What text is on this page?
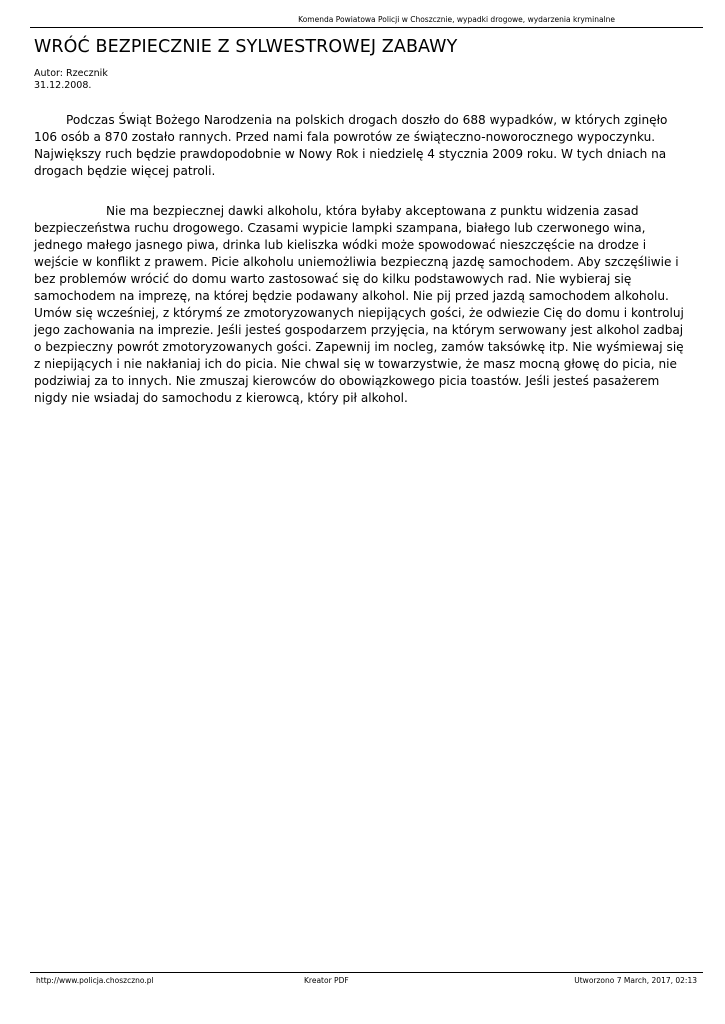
Komenda Powiatowa Policji w Choszcznie, wypadki drogowe, wydarzenia kryminalne
WRÓĆ BEZPIECZNIE Z SYLWESTROWEJ ZABAWY
Autor: Rzecznik
31.12.2008.

Podczas Świąt Bożego Narodzenia na polskich drogach doszło do 688 wypadków, w których zginęło 106 osób a 870 zostało rannych. Przed nami fala powrotów ze świąteczno-noworocznego wypoczynku. Największy ruch będzie prawdopodobnie w Nowy Rok i niedzielę 4 stycznia 2009 roku. W tych dniach na drogach będzie więcej patroli.

Nie ma bezpiecznej dawki alkoholu, która byłaby akceptowana z punktu widzenia zasad bezpieczeństwa ruchu drogowego. Czasami wypicie lampki szampana, białego lub czerwonego wina, jednego małego jasnego piwa, drinka lub kieliszka wódki może spowodować nieszczęście na drodze i wejście w konflikt z prawem. Picie alkoholu uniemożliwia bezpieczną jazdę samochodem. Aby szczęśliwie i bez problemów wrócić do domu warto zastosować się do kilku podstawowych rad. Nie wybieraj się samochodem na imprezę, na której będzie podawany alkohol. Nie pij przed jazdą samochodem alkoholu. Umów się wcześniej, z którymś ze zmotoryzowanych niepijących gości, że odwiezie Cię do domu i kontroluj jego zachowania na imprezie. Jeśli jesteś gospodarzem przyjęcia, na którym serwowany jest alkohol zadbaj o bezpieczny powrót zmotoryzowanych gości. Zapewnij im nocleg, zamów taksówkę itp. Nie wyśmiewaj się z niepijących i nie nakłaniaj ich do picia. Nie chwal się w towarzystwie, że masz mocną głowę do picia, nie podziwiaj za to innych. Nie zmuszaj kierowców do obowiązkowego picia toastów. Jeśli jesteś pasażerem nigdy nie wsiadaj do samochodu z kierowcą, który pił alkohol.

http://www.policja.choszczno.pl	Kreator PDF	Utworzono 7 March, 2017, 02:13
